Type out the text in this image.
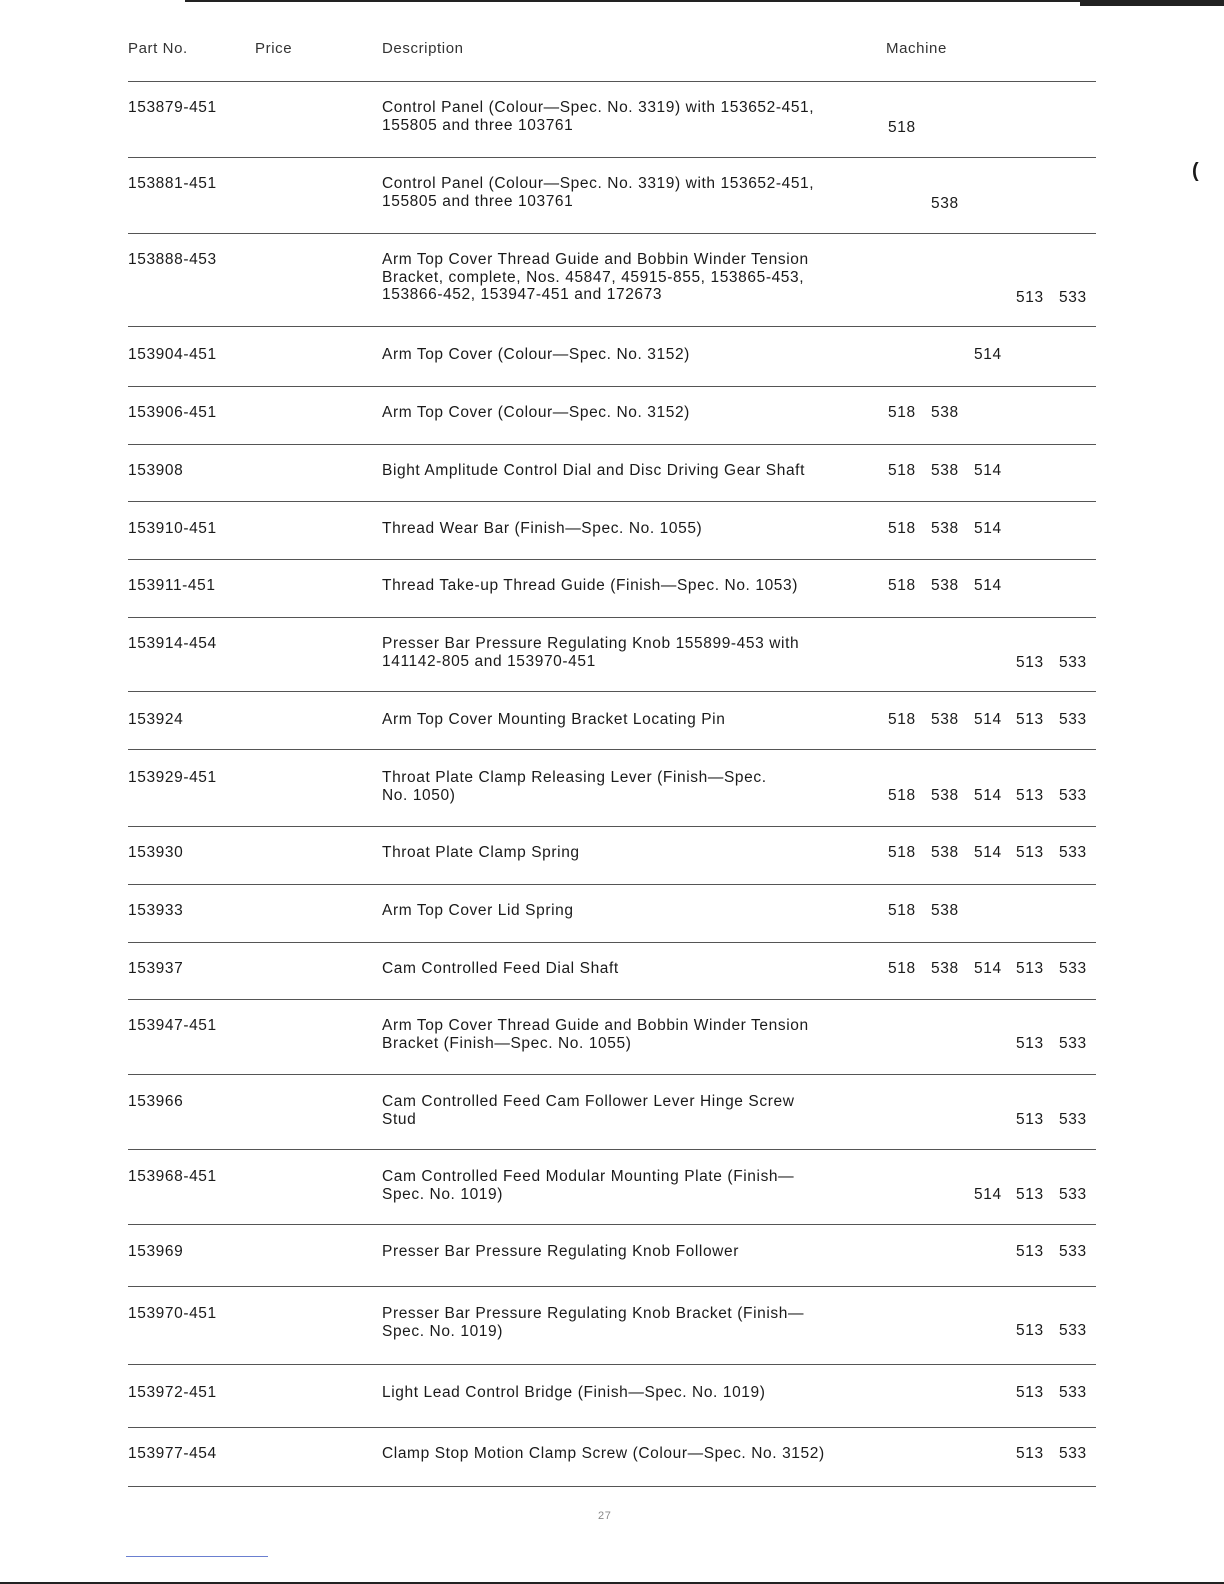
Part No.	Price	Description	Machine
153879-451	Control Panel (Colour—Spec. No. 3319) with 153652-451,
155805 and three 103761	518
153881-451	Control Panel (Colour—Spec. No. 3319) with 153652-451,
155805 and three 103761	538
153888-453	Arm Top Cover Thread Guide and Bobbin Winder Tension
Bracket, complete, Nos. 45847, 45915-855, 153865-453,
153866-452, 153947-451 and 172673	513 533
153904-451	Arm Top Cover (Colour—Spec. No. 3152)	514
153906-451	Arm Top Cover (Colour—Spec. No. 3152)	518 538
153908	Bight Amplitude Control Dial and Disc Driving Gear Shaft	518 538 514
153910-451	Thread Wear Bar (Finish—Spec. No. 1055)	518 538 514
153911-451	Thread Take-up Thread Guide (Finish—Spec. No. 1053)	518 538 514
153914-454	Presser Bar Pressure Regulating Knob 155899-453 with
141142-805 and 153970-451	513 533
153924	Arm Top Cover Mounting Bracket Locating Pin	518 538 514 513 533
153929-451	Throat Plate Clamp Releasing Lever (Finish—Spec.
No. 1050)	518 538 514 513 533
153930	Throat Plate Clamp Spring	518 538 514 513 533
153933	Arm Top Cover Lid Spring	518 538
153937	Cam Controlled Feed Dial Shaft	518 538 514 513 533
153947-451	Arm Top Cover Thread Guide and Bobbin Winder Tension
Bracket (Finish—Spec. No. 1055)	513 533
153966	Cam Controlled Feed Cam Follower Lever Hinge Screw
Stud	513 533
153968-451	Cam Controlled Feed Modular Mounting Plate (Finish—
Spec. No. 1019)	514 513 533
153969	Presser Bar Pressure Regulating Knob Follower	513 533
153970-451	Presser Bar Pressure Regulating Knob Bracket (Finish—
Spec. No. 1019)	513 533
153972-451	Light Lead Control Bridge (Finish—Spec. No. 1019)	513 533
153977-454	Clamp Stop Motion Clamp Screw (Colour—Spec. No. 3152)	513 533
(
27
